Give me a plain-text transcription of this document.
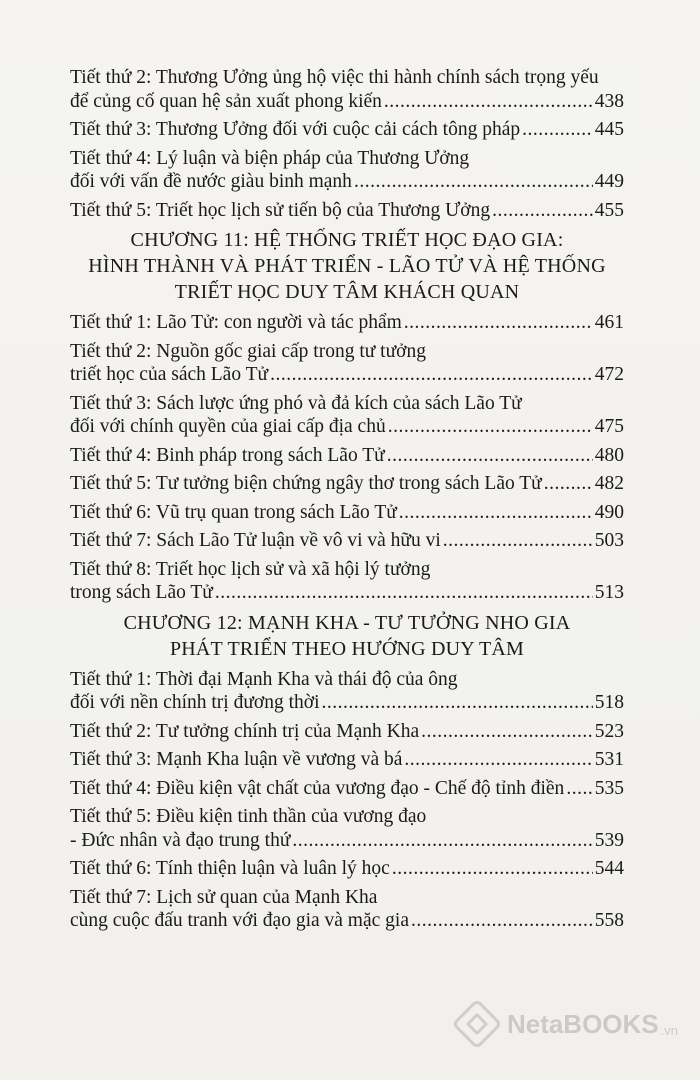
Tiết thứ 2: Thương Ưởng ủng hộ việc thi hành chính sách trọng yếu
để củng cố quan hệ sản xuất phong kiến .....	438
Tiết thứ 3: Thương Ưởng đối với cuộc cải cách tông pháp .....	445
Tiết thứ 4: Lý luận và biện pháp của Thương Ưởng
đối với vấn đề nước giàu binh mạnh .....	449
Tiết thứ 5: Triết học lịch sử tiến bộ của Thương Ưởng .....	455
CHƯƠNG 11: HỆ THỐNG TRIẾT HỌC ĐẠO GIA:
HÌNH THÀNH VÀ PHÁT TRIỂN - LÃO TỬ VÀ HỆ THỐNG
TRIẾT HỌC DUY TÂM KHÁCH QUAN
Tiết thứ 1: Lão Tử: con người và tác phẩm .....	461
Tiết thứ 2: Nguồn gốc giai cấp trong tư tưởng
triết học của sách Lão Tử .....	472
Tiết thứ 3: Sách lược ứng phó và đả kích của sách Lão Tử
đối với chính quyền của giai cấp địa chủ .....	475
Tiết thứ 4: Binh pháp trong sách Lão Tử .....	480
Tiết thứ 5: Tư tưởng biện chứng ngây thơ trong sách Lão Tử .....	482
Tiết thứ 6: Vũ trụ quan trong sách Lão Tử .....	490
Tiết thứ 7: Sách Lão Tử luận về vô vi và hữu vi .....	503
Tiết thứ 8: Triết học lịch sử và xã hội lý tưởng
trong sách Lão Tử .....	513
CHƯƠNG 12: MẠNH KHA - TƯ TƯỞNG NHO GIA
PHÁT TRIỂN THEO HƯỚNG DUY TÂM
Tiết thứ 1: Thời đại Mạnh Kha và thái độ của ông
đối với nền chính trị đương thời .....	518
Tiết thứ 2: Tư tưởng chính trị của Mạnh Kha .....	523
Tiết thứ 3: Mạnh Kha luận về vương và bá .....	531
Tiết thứ 4: Điều kiện vật chất của vương đạo - Chế độ tỉnh điền ..... 535
Tiết thứ 5: Điều kiện tinh thần của vương đạo
- Đức nhân và đạo trung thứ .....	539
Tiết thứ 6: Tính thiện luận và luân lý học .....	544
Tiết thứ 7: Lịch sử quan của Mạnh Kha
cùng cuộc đấu tranh với đạo gia và mặc gia .....	558
NetaBOOKS .vn
